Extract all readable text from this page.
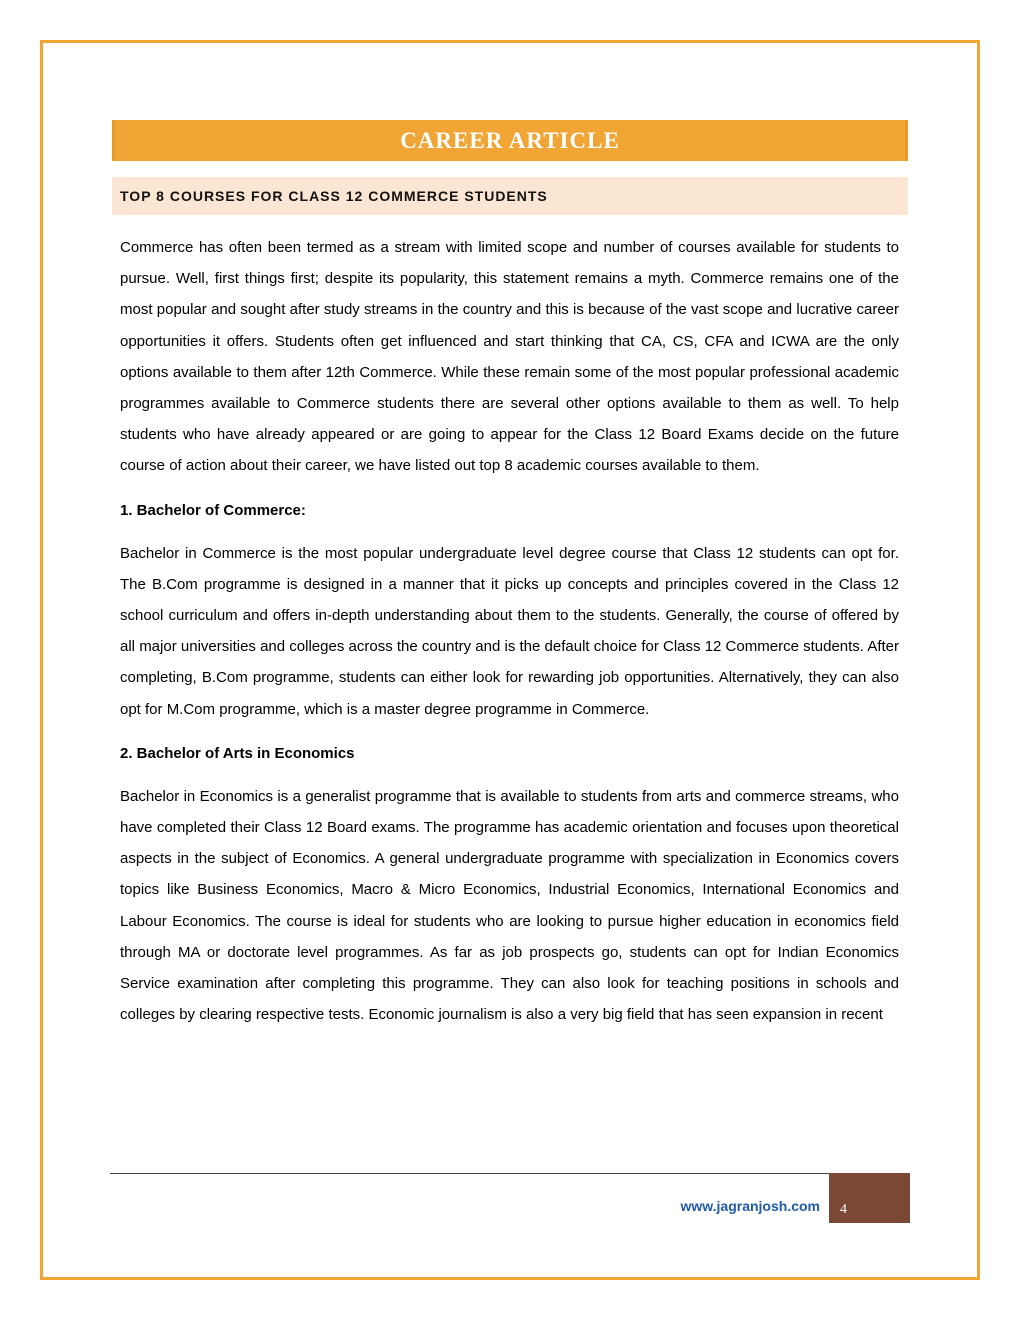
CAREER ARTICLE
TOP 8 COURSES FOR CLASS 12 COMMERCE STUDENTS

Commerce has often been termed as a stream with limited scope and number of courses available for students to pursue. Well, first things first; despite its popularity, this statement remains a myth. Commerce remains one of the most popular and sought after study streams in the country and this is because of the vast scope and lucrative career opportunities it offers. Students often get influenced and start thinking that CA, CS, CFA and ICWA are the only options available to them after 12th Commerce. While these remain some of the most popular professional academic programmes available to Commerce students there are several other options available to them as well. To help students who have already appeared or are going to appear for the Class 12 Board Exams decide on the future course of action about their career, we have listed out top 8 academic courses available to them.

1. Bachelor of Commerce:

Bachelor in Commerce is the most popular undergraduate level degree course that Class 12 students can opt for. The B.Com programme is designed in a manner that it picks up concepts and principles covered in the Class 12 school curriculum and offers in-depth understanding about them to the students. Generally, the course of offered by all major universities and colleges across the country and is the default choice for Class 12 Commerce students. After completing, B.Com programme, students can either look for rewarding job opportunities. Alternatively, they can also opt for M.Com programme, which is a master degree programme in Commerce.

2. Bachelor of Arts in Economics

Bachelor in Economics is a generalist programme that is available to students from arts and commerce streams, who have completed their Class 12 Board exams. The programme has academic orientation and focuses upon theoretical aspects in the subject of Economics. A general undergraduate programme with specialization in Economics covers topics like Business Economics, Macro & Micro Economics, Industrial Economics, International Economics and Labour Economics. The course is ideal for students who are looking to pursue higher education in economics field through MA or doctorate level programmes. As far as job prospects go, students can opt for Indian Economics Service examination after completing this programme. They can also look for teaching positions in schools and colleges by clearing respective tests. Economic journalism is also a very big field that has seen expansion in recent

www.jagranjosh.com	4
